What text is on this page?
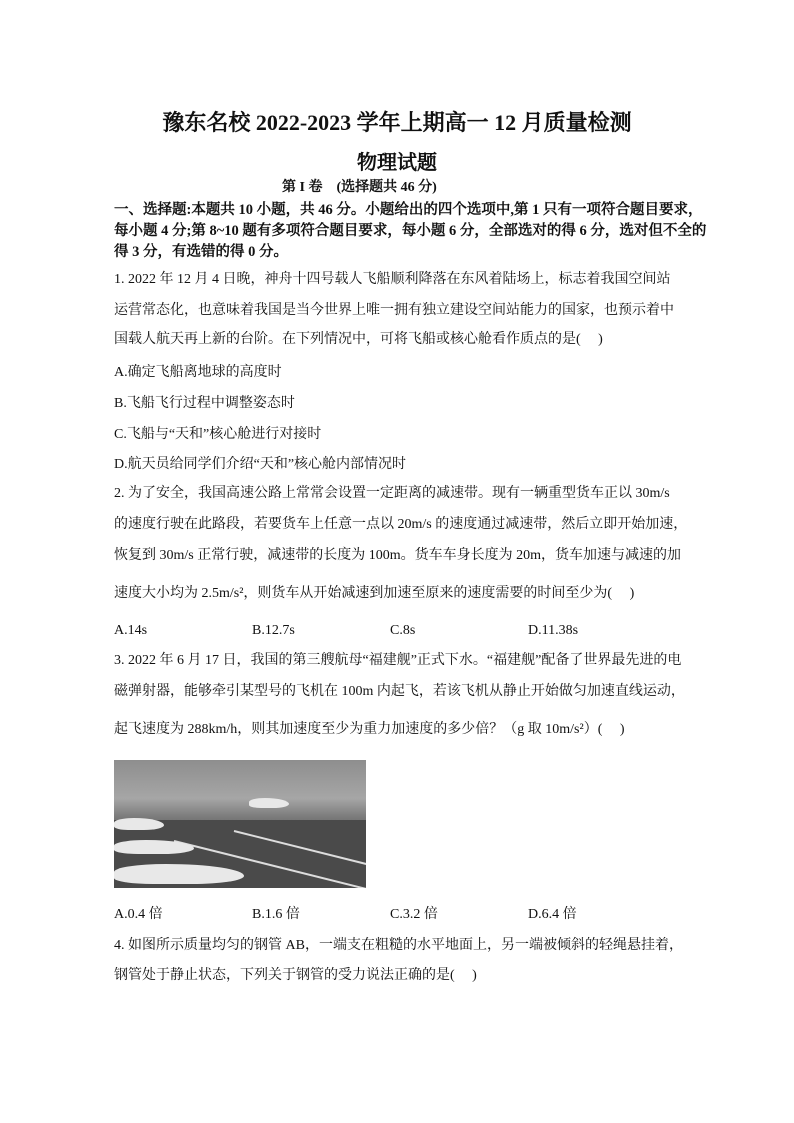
豫东名校 2022-2023 学年上期高一 12 月质量检测
物理试题
第 I 卷　(选择题共 46 分)
一、选择题:本题共 10 小题，共 46 分。小题给出的四个选项中,第 1 只有一项符合题目要求，
每小题 4 分;第 8~10 题有多项符合题目要求，每小题 6 分，全部选对的得 6 分，选对但不全的
得 3 分，有选错的得 0 分。
1. 2022 年 12 月 4 日晚，神舟十四号载人飞船顺利降落在东风着陆场上，标志着我国空间站
运营常态化，也意味着我国是当今世界上唯一拥有独立建设空间站能力的国家，也预示着中
国载人航天再上新的台阶。在下列情况中，可将飞船或核心舱看作质点的是(　 )
A.确定飞船离地球的高度时
B.飞船飞行过程中调整姿态时
C.飞船与“天和”核心舱进行对接时
D.航天员给同学们介绍“天和”核心舱内部情况时
2. 为了安全，我国高速公路上常常会设置一定距离的减速带。现有一辆重型货车正以 30m/s
的速度行驶在此路段，若要货车上任意一点以 20m/s 的速度通过减速带，然后立即开始加速，
恢复到 30m/s 正常行驶，减速带的长度为 100m。货车车身长度为 20m，货车加速与减速的加
速度大小均为 2.5m/s²，则货车从开始减速到加速至原来的速度需要的时间至少为(　 )
A.14s	B.12.7s	C.8s	D.11.38s
3. 2022 年 6 月 17 日，我国的第三艘航母“福建舰”正式下水。“福建舰”配备了世界最先进的电
磁弹射器，能够牵引某型号的飞机在 100m 内起飞，若该飞机从静止开始做匀加速直线运动，
起飞速度为 288km/h，则其加速度至少为重力加速度的多少倍？（g 取 10m/s²）(　 )
A.0.4 倍	B.1.6 倍	C.3.2 倍	D.6.4 倍
4. 如图所示质量均匀的钢管 AB，一端支在粗糙的水平地面上，另一端被倾斜的轻绳悬挂着，
钢管处于静止状态，下列关于钢管的受力说法正确的是(　 )
